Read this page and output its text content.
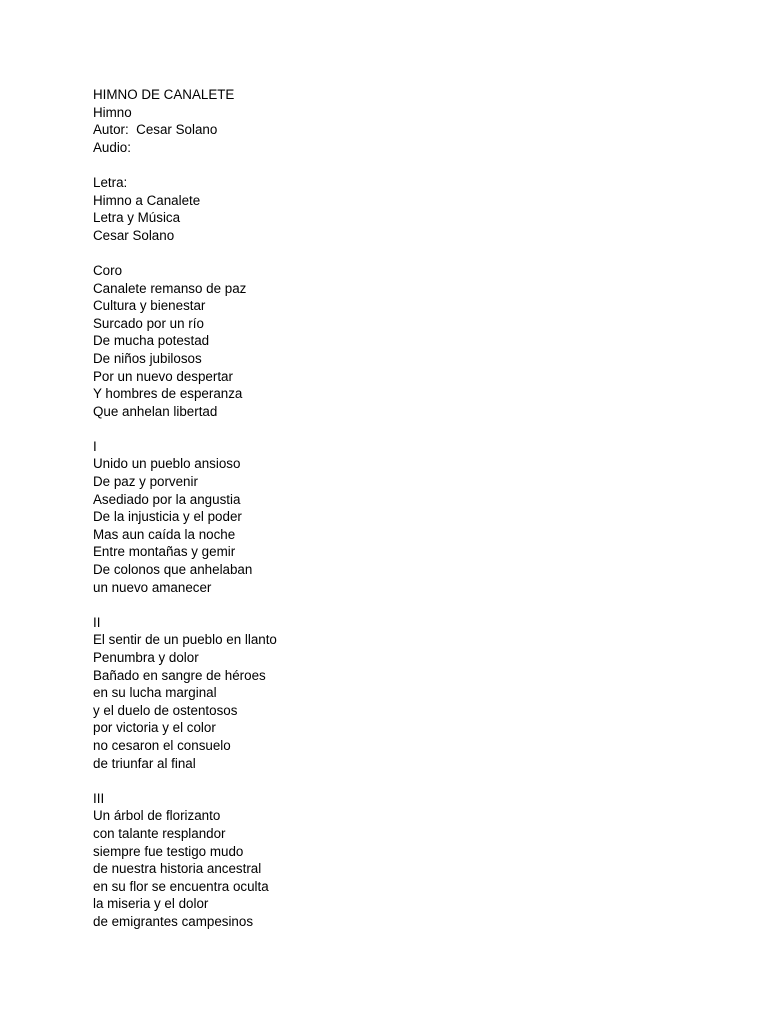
HIMNO DE CANALETE
Himno
Autor:  Cesar Solano
Audio:
Letra:
Himno a Canalete
Letra y Música
Cesar Solano
Coro
Canalete remanso de paz
Cultura y bienestar
Surcado por un río
De mucha potestad
De niños jubilosos
Por un nuevo despertar
Y hombres de esperanza
Que anhelan libertad
I
Unido un pueblo ansioso
De paz y porvenir
Asediado por la angustia
De la injusticia y el poder
Mas aun caída la noche
Entre montañas y gemir
De colonos que anhelaban
un nuevo amanecer
II
El sentir de un pueblo en llanto
Penumbra y dolor
Bañado en sangre de héroes
en su lucha marginal
y el duelo de ostentosos
por victoria y el color
no cesaron el consuelo
de triunfar al final
III
Un árbol de florizanto
con talante resplandor
siempre fue testigo mudo
de nuestra historia ancestral
en su flor se encuentra oculta
la miseria y el dolor
de emigrantes campesinos
